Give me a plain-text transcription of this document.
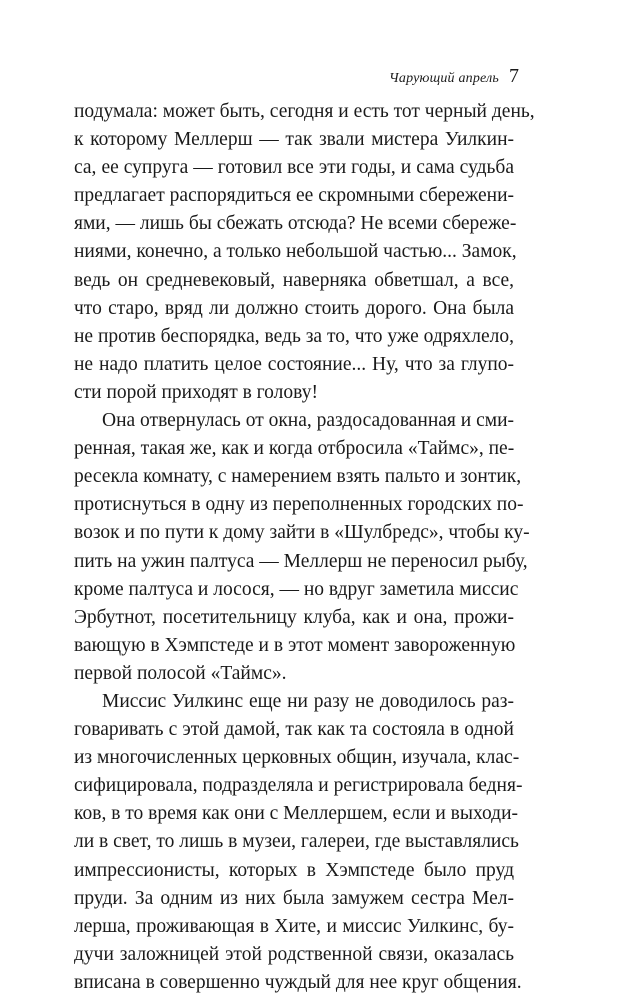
Чарующий апрель 7
подумала: может быть, сегодня и есть тот черный день,
к которому Меллерш — так звали мистера Уилкин-
са, ее супруга — готовил все эти годы, и сама судьба
предлагает распорядиться ее скромными сбережени-
ями, — лишь бы сбежать отсюда? Не всеми сбереже-
ниями, конечно, а только небольшой частью... Замок,
ведь он средневековый, наверняка обветшал, а все,
что старо, вряд ли должно стоить дорого. Она была
не против беспорядка, ведь за то, что уже одряхлело,
не надо платить целое состояние... Ну, что за глупо-
сти порой приходят в голову!
Она отвернулась от окна, раздосадованная и сми-
ренная, такая же, как и когда отбросила «Таймс», пе-
ресекла комнату, с намерением взять пальто и зонтик,
протиснуться в одну из переполненных городских по-
возок и по пути к дому зайти в «Шулбредс», чтобы ку-
пить на ужин палтуса — Меллерш не переносил рыбу,
кроме палтуса и лосося, — но вдруг заметила миссис
Эрбутнот, посетительницу клуба, как и она, прожи-
вающую в Хэмпстеде и в этот момент завороженную
первой полосой «Таймс».
Миссис Уилкинс еще ни разу не доводилось раз-
говаривать с этой дамой, так как та состояла в одной
из многочисленных церковных общин, изучала, клас-
сифицировала, подразделяла и регистрировала бедня-
ков, в то время как они с Меллершем, если и выходи-
ли в свет, то лишь в музеи, галереи, где выставлялись
импрессионисты, которых в Хэмпстеде было пруд
пруди. За одним из них была замужем сестра Мел-
лерша, проживающая в Хите, и миссис Уилкинс, бу-
дучи заложницей этой родственной связи, оказалась
вписана в совершенно чуждый для нее круг общения.
